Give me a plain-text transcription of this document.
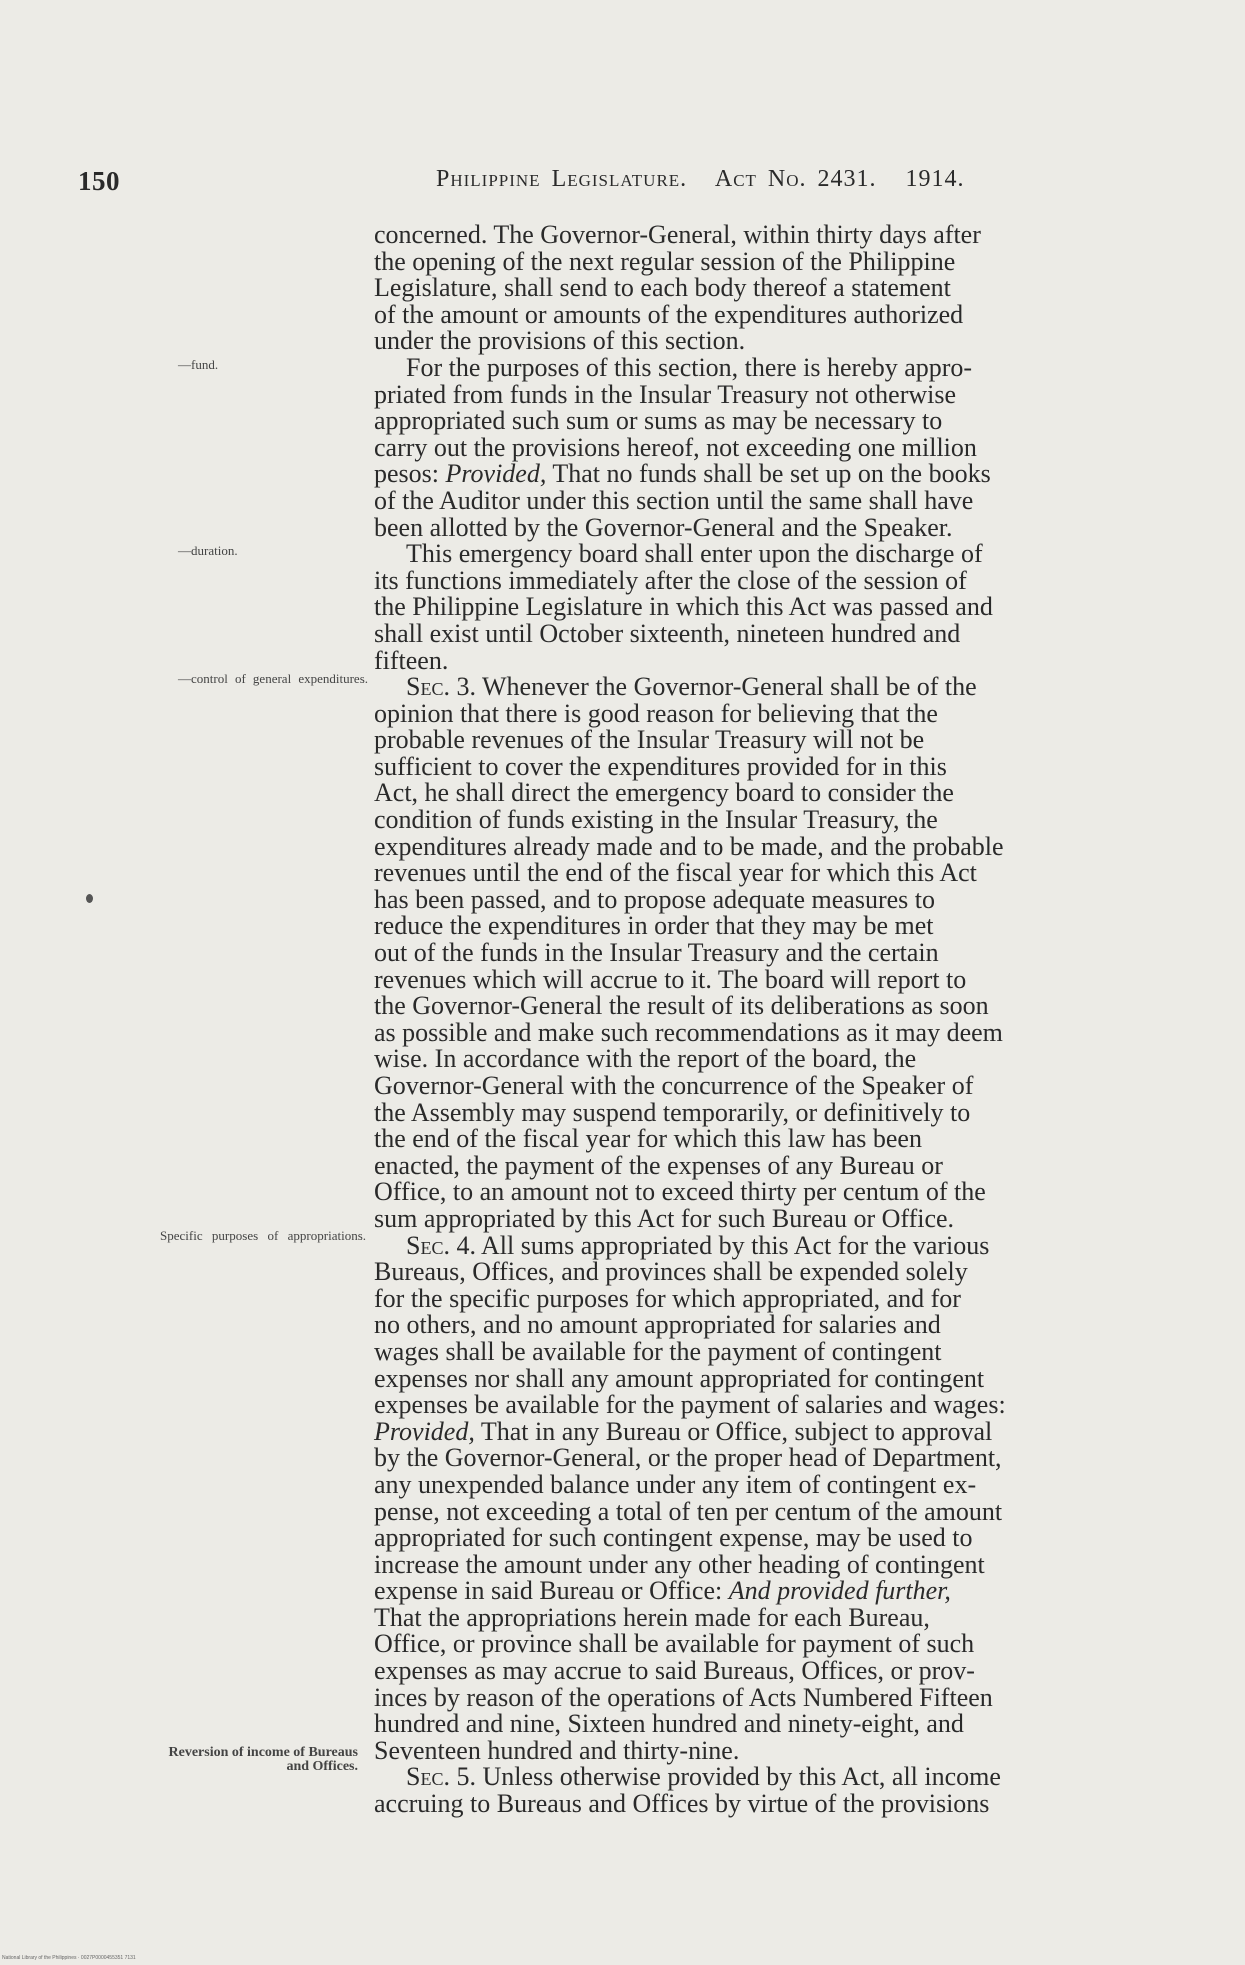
150	Philippine Legislature. Act No. 2431. 1914.
—fund.
—duration.
—control of general expenditures.
Specific purposes of appropriations.
Reversion of income of Bureaus and Offices.

concerned. The Governor-General, within thirty days after
the opening of the next regular session of the Philippine
Legislature, shall send to each body thereof a statement
of the amount or amounts of the expenditures authorized
under the provisions of this section.

For the purposes of this section, there is hereby appro-
priated from funds in the Insular Treasury not otherwise
appropriated such sum or sums as may be necessary to
carry out the provisions hereof, not exceeding one million
pesos: Provided, That no funds shall be set up on the books
of the Auditor under this section until the same shall have
been allotted by the Governor-General and the Speaker.

This emergency board shall enter upon the discharge of
its functions immediately after the close of the session of
the Philippine Legislature in which this Act was passed and
shall exist until October sixteenth, nineteen hundred and
fifteen.

Sec. 3. Whenever the Governor-General shall be of the
opinion that there is good reason for believing that the
probable revenues of the Insular Treasury will not be
sufficient to cover the expenditures provided for in this
Act, he shall direct the emergency board to consider the
condition of funds existing in the Insular Treasury, the
expenditures already made and to be made, and the probable
revenues until the end of the fiscal year for which this Act
has been passed, and to propose adequate measures to
reduce the expenditures in order that they may be met
out of the funds in the Insular Treasury and the certain
revenues which will accrue to it. The board will report to
the Governor-General the result of its deliberations as soon
as possible and make such recommendations as it may deem
wise. In accordance with the report of the board, the
Governor-General with the concurrence of the Speaker of
the Assembly may suspend temporarily, or definitively to
the end of the fiscal year for which this law has been
enacted, the payment of the expenses of any Bureau or
Office, to an amount not to exceed thirty per centum of the
sum appropriated by this Act for such Bureau or Office.

Sec. 4. All sums appropriated by this Act for the various
Bureaus, Offices, and provinces shall be expended solely
for the specific purposes for which appropriated, and for
no others, and no amount appropriated for salaries and
wages shall be available for the payment of contingent
expenses nor shall any amount appropriated for contingent
expenses be available for the payment of salaries and wages:
Provided, That in any Bureau or Office, subject to approval
by the Governor-General, or the proper head of Department,
any unexpended balance under any item of contingent ex-
pense, not exceeding a total of ten per centum of the amount
appropriated for such contingent expense, may be used to
increase the amount under any other heading of contingent
expense in said Bureau or Office: And provided further,
That the appropriations herein made for each Bureau,
Office, or province shall be available for payment of such
expenses as may accrue to said Bureaus, Offices, or prov-
inces by reason of the operations of Acts Numbered Fifteen
hundred and nine, Sixteen hundred and ninety-eight, and
Seventeen hundred and thirty-nine.

Sec. 5. Unless otherwise provided by this Act, all income
accruing to Bureaus and Offices by virtue of the provisions

National Library of the Philippines · 0027P0000455351 7131
